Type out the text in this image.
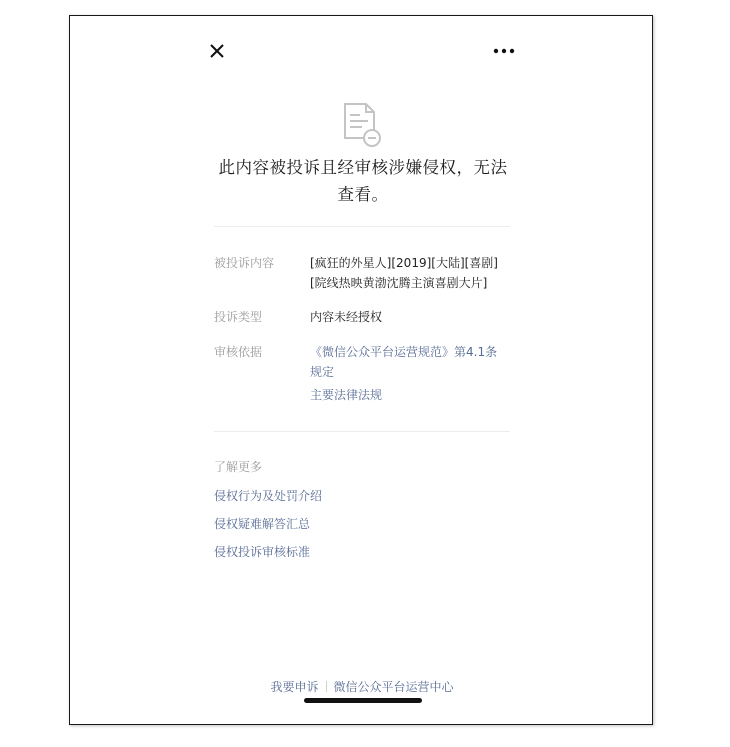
此内容被投诉且经审核涉嫌侵权，无法
查看。
被投诉内容	[疯狂的外星人][2019][大陆][喜剧]
[院线热映黄渤沈腾主演喜剧大片]
投诉类型	内容未经授权
审核依据	《微信公众平台运营规范》第4.1条
规定
主要法律法规
了解更多
侵权行为及处罚介绍
侵权疑难解答汇总
侵权投诉审核标准
我要申诉 微信公众平台运营中心
